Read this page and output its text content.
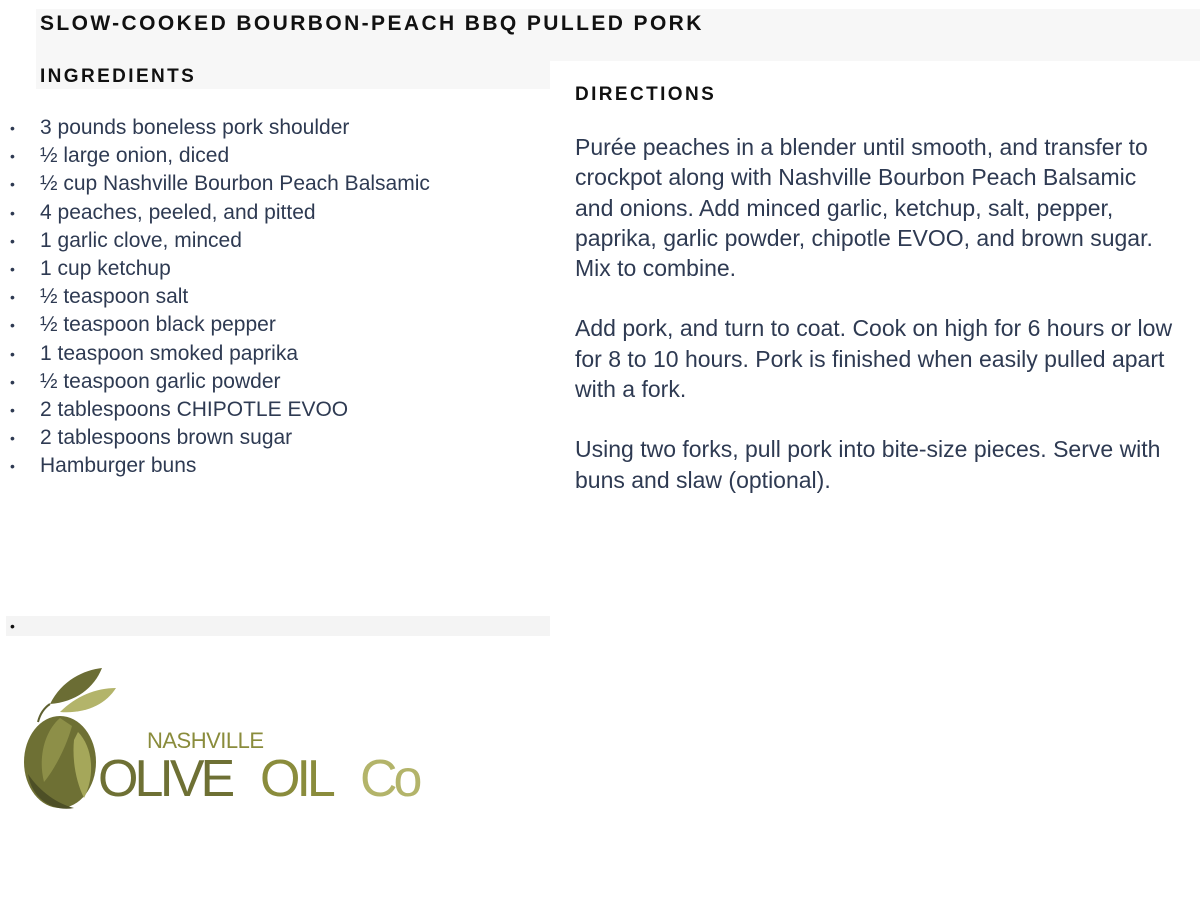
SLOW-COOKED BOURBON-PEACH BBQ PULLED PORK
INGREDIENTS
DIRECTIONS
• 3 pounds boneless pork shoulder
• ½ large onion, diced
• ½ cup Nashville Bourbon Peach Balsamic
• 4 peaches, peeled, and pitted
• 1 garlic clove, minced
• 1 cup ketchup
• ½ teaspoon salt
• ½ teaspoon black pepper
• 1 teaspoon smoked paprika
• ½ teaspoon garlic powder
• 2 tablespoons CHIPOTLE EVOO
• 2 tablespoons brown sugar
• Hamburger buns

Purée peaches in a blender until smooth, and transfer to crockpot along with Nashville Bourbon Peach Balsamic and onions. Add minced garlic, ketchup, salt, pepper, paprika, garlic powder, chipotle EVOO, and brown sugar. Mix to combine.

Add pork, and turn to coat. Cook on high for 6 hours or low for 8 to 10 hours. Pork is finished when easily pulled apart with a fork.

Using two forks, pull pork into bite-size pieces. Serve with buns and slaw (optional).

•
NASHVILLE
OLIVE OIL Co
